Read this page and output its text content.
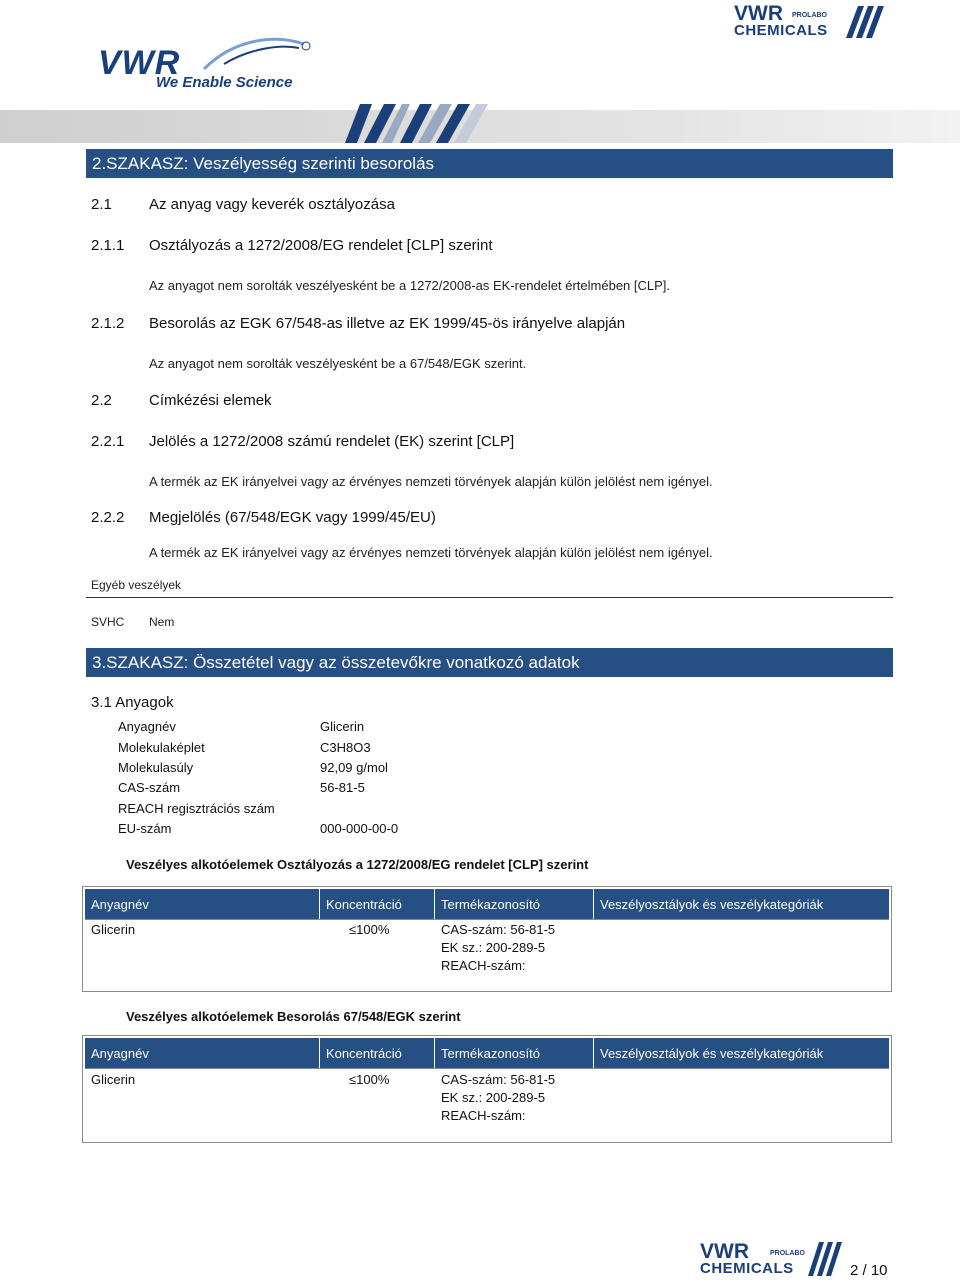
VWR
We Enable Science
VWR PROLABO
CHEMICALS
2.SZAKASZ: Veszélyesség szerinti besorolás
2.1 Az anyag vagy keverék osztályozása
2.1.1 Osztályozás a 1272/2008/EG rendelet [CLP] szerint
Az anyagot nem sorolták veszélyesként be a 1272/2008-as EK-rendelet értelmében [CLP].
2.1.2 Besorolás az EGK 67/548-as illetve az EK 1999/45-ös irányelve alapján
Az anyagot nem sorolták veszélyesként be a 67/548/EGK szerint.
2.2 Címkézési elemek
2.2.1 Jelölés a 1272/2008 számú rendelet (EK) szerint [CLP]
A termék az EK irányelvei vagy az érvényes nemzeti törvények alapján külön jelölést nem igényel.
2.2.2 Megjelölés (67/548/EGK vagy 1999/45/EU)
A termék az EK irányelvei vagy az érvényes nemzeti törvények alapján külön jelölést nem igényel.
Egyéb veszélyek
SVHC Nem
3.SZAKASZ: Összetétel vagy az összetevőkre vonatkozó adatok
3.1 Anyagok
Anyagnév	Glicerin
Molekulaképlet	C3H8O3
Molekulasúly	92,09 g/mol
CAS-szám	56-81-5
REACH regisztrációs szám
EU-szám	000-000-00-0
Veszélyes alkotóelemek Osztályozás a 1272/2008/EG rendelet [CLP] szerint
Anyagnév	Koncentráció	Termékazonosító	Veszélyosztályok és veszélykategóriák
Glicerin	≤100%	CAS-szám: 56-81-5
EK sz.: 200-289-5
REACH-szám:
Veszélyes alkotóelemek Besorolás 67/548/EGK szerint
Anyagnév	Koncentráció	Termékazonosító	Veszélyosztályok és veszélykategóriák
Glicerin	≤100%	CAS-szám: 56-81-5
EK sz.: 200-289-5
REACH-szám:
VWR	PROLABO
CHEMICALS	2 / 10
